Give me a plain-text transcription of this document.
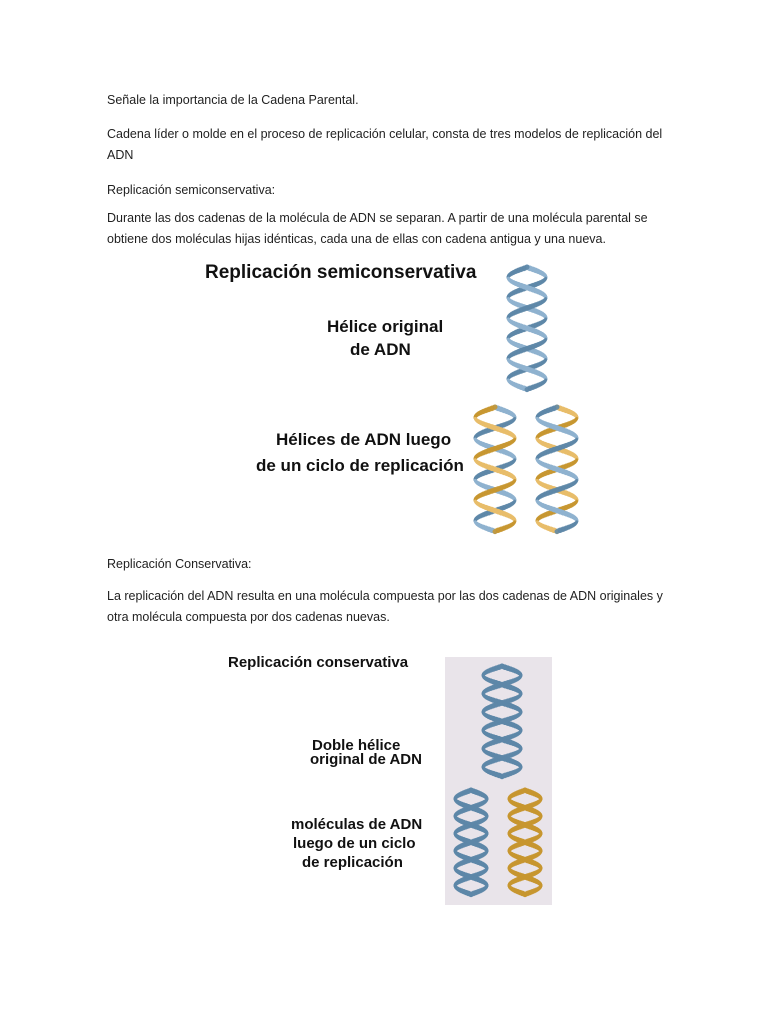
Señale la importancia de la Cadena Parental.

Cadena líder o molde en el proceso de replicación celular, consta de tres modelos de replicación del ADN

Replicación semiconservativa:

Durante las dos cadenas de la molécula de ADN se separan. A partir de una molécula parental se obtiene dos moléculas hijas idénticas, cada una de ellas con cadena antigua y una nueva.

Replicación semiconservativa

Hélice original

de ADN

Hélices de ADN luego

de un ciclo de replicación

Replicación Conservativa:

La replicación del ADN resulta en una molécula compuesta por las dos cadenas de ADN originales y otra molécula compuesta por dos cadenas nuevas.

Replicación conservativa

Doble hélice

original de ADN

moléculas de ADN

luego de un ciclo

de replicación
